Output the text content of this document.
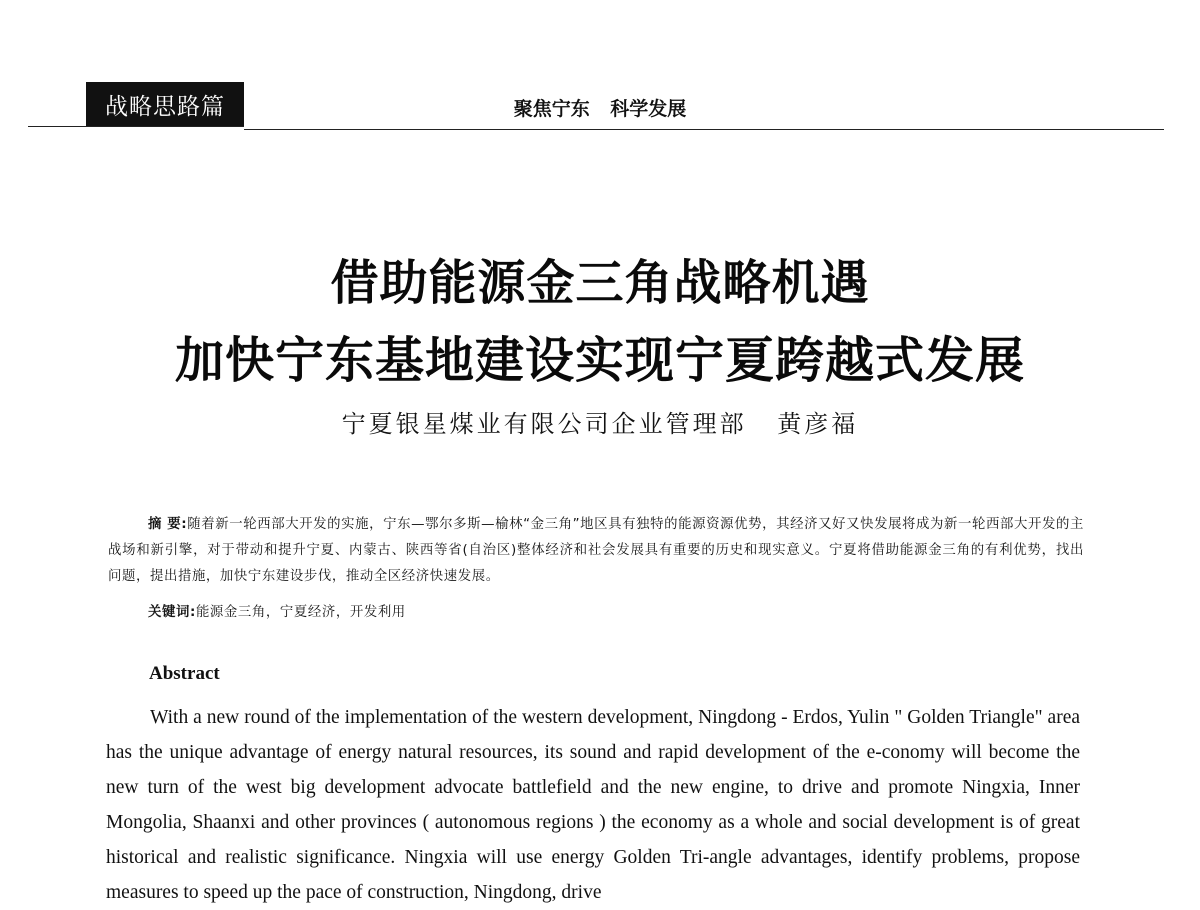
战略思路篇	聚焦宁东 科学发展
借助能源金三角战略机遇
加快宁东基地建设实现宁夏跨越式发展
宁夏银星煤业有限公司企业管理部 黄彦福
摘 要:随着新一轮西部大开发的实施，宁东—鄂尔多斯—榆林“金三角”地区具有独特的能源资源优势，其经济又好又快发展将成为新一轮西部大开发的主战场和新引擎，对于带动和提升宁夏、内蒙古、陕西等省(自治区)整体经济和社会发展具有重要的历史和现实意义。宁夏将借助能源金三角的有利优势，找出问题，提出措施，加快宁东建设步伐，推动全区经济快速发展。
关键词:能源金三角，宁夏经济，开发利用
Abstract
With a new round of the implementation of the western development, Ningdong - Erdos, Yulin " Golden Triangle" area has the unique advantage of energy natural resources, its sound and rapid development of the e-conomy will become the new turn of the west big development advocate battlefield and the new engine, to drive and promote Ningxia, Inner Mongolia, Shaanxi and other provinces ( autonomous regions ) the economy as a whole and social development is of great historical and realistic significance. Ningxia will use energy Golden Tri-angle advantages, identify problems, propose measures to speed up the pace of construction, Ningdong, drive
